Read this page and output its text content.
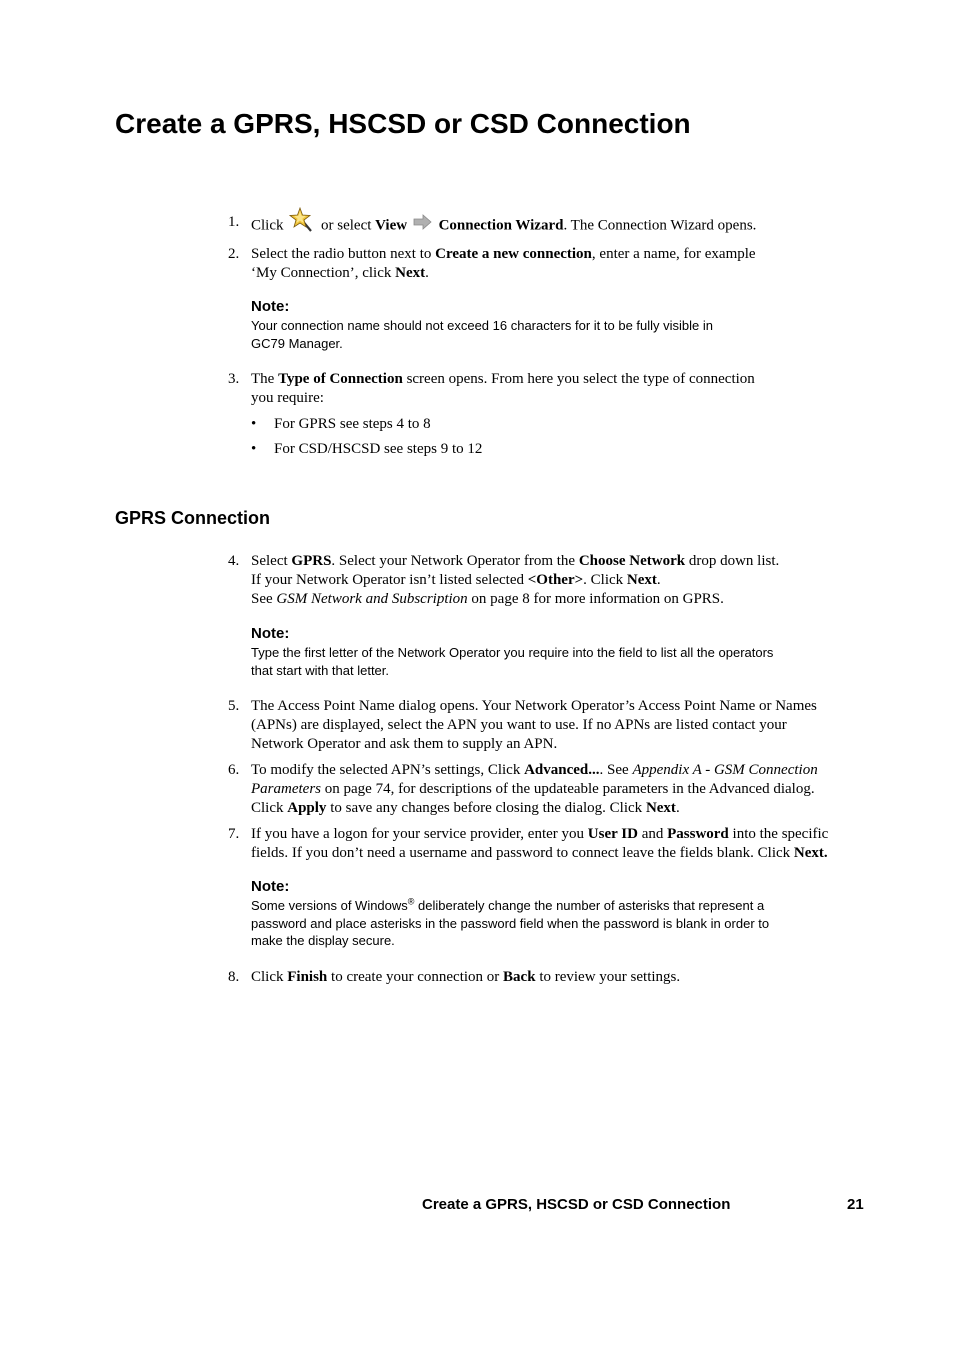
Create a GPRS, HSCSD or CSD Connection
1. Click	or select View Connection Wizard. The Connection Wizard opens.
2. Select the radio button next to Create a new connection, enter a name, for example
‘My Connection’, click Next.
Note:
Your connection name should not exceed 16 characters for it to be fully visible in
GC79 Manager.
3. The Type of Connection screen opens. From here you select the type of connection
you require:
• For GPRS see steps 4 to 8
• For CSD/HSCSD see steps 9 to 12
GPRS Connection
4. Select GPRS. Select your Network Operator from the Choose Network drop down list.
If your Network Operator isn’t listed selected <Other>. Click Next.
See GSM Network and Subscription on page 8 for more information on GPRS.
Note:
Type the first letter of the Network Operator you require into the field to list all the operators
that start with that letter.
5. The Access Point Name dialog opens. Your Network Operator’s Access Point Name or Names
(APNs) are displayed, select the APN you want to use. If no APNs are listed contact your
Network Operator and ask them to supply an APN.
6. To modify the selected APN’s settings, Click Advanced.... See Appendix A - GSM Connection
Parameters on page 74, for descriptions of the updateable parameters in the Advanced dialog.
Click Apply to save any changes before closing the dialog. Click Next.
7. If you have a logon for your service provider, enter you User ID and Password into the specific
fields. If you don’t need a username and password to connect leave the fields blank. Click Next.
Note:
Some versions of Windows® deliberately change the number of asterisks that represent a
password and place asterisks in the password field when the password is blank in order to
make the display secure.
8. Click Finish to create your connection or Back to review your settings.
Create a GPRS, HSCSD or CSD Connection	21
